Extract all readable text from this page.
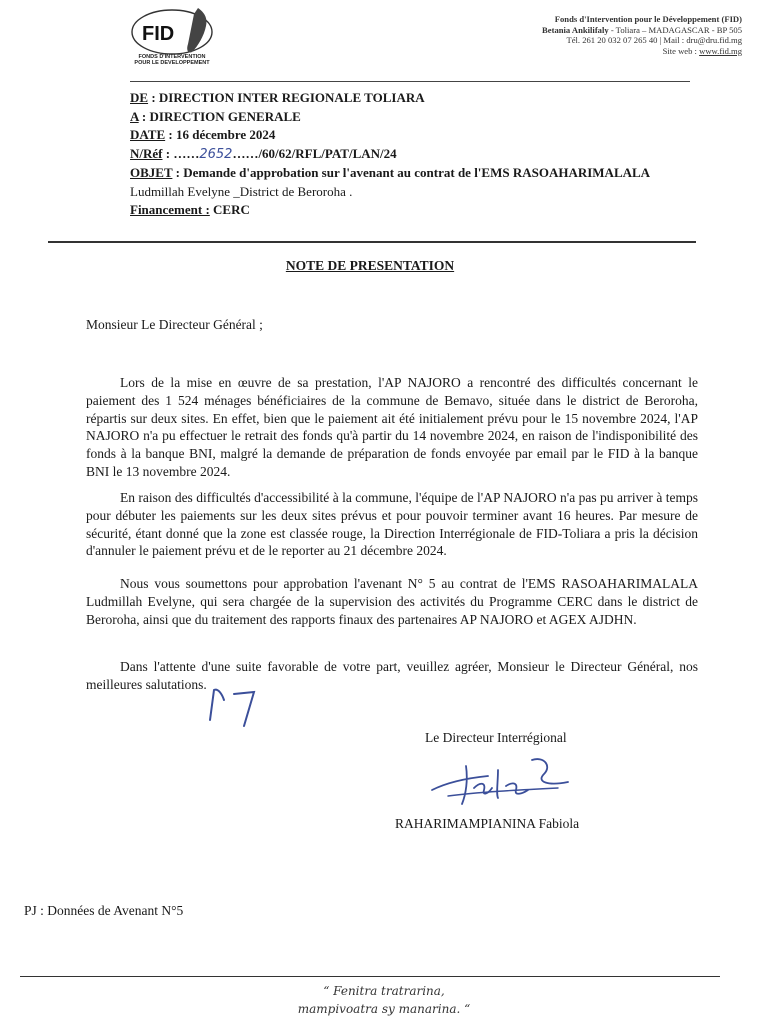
FID
FONDS D'INTERVENTION
POUR LE DEVELOPPEMENT
Fonds d'Intervention pour le Développement (FID)
Betania Ankilifaly - Toliara – MADAGASCAR - BP 505
Tél. 261 20 032 07 265 40 | Mail : dru@dru.fid.mg
Site web : www.fid.mg
DE : DIRECTION INTER REGIONALE TOLIARA
A : DIRECTION GENERALE
DATE : 16 décembre 2024
N/Réf : ……2652……/60/62/RFL/PAT/LAN/24
OBJET : Demande d'approbation sur l'avenant au contrat de l'EMS RASOAHARIMALALA
Ludmillah Evelyne _District de Beroroha .
Financement : CERC
NOTE DE PRESENTATION
Monsieur Le Directeur Général ;
Lors de la mise en œuvre de sa prestation, l'AP NAJORO a rencontré des difficultés concernant le paiement des 1 524 ménages bénéficiaires de la commune de Bemavo, située dans le district de Beroroha, répartis sur deux sites. En effet, bien que le paiement ait été initialement prévu pour le 15 novembre 2024, l'AP NAJORO n'a pu effectuer le retrait des fonds qu'à partir du 14 novembre 2024, en raison de l'indisponibilité des fonds à la banque BNI, malgré la demande de préparation de fonds envoyée par email par le FID à la banque BNI le 13 novembre 2024.
En raison des difficultés d'accessibilité à la commune, l'équipe de l'AP NAJORO n'a pas pu arriver à temps pour débuter les paiements sur les deux sites prévus et pour pouvoir terminer avant 16 heures. Par mesure de sécurité, étant donné que la zone est classée rouge, la Direction Interrégionale de FID-Toliara a pris la décision d'annuler le paiement prévu et de le reporter au 21 décembre 2024.
Nous vous soumettons pour approbation l'avenant N° 5 au contrat de l'EMS RASOAHARIMALALA Ludmillah Evelyne, qui sera chargée de la supervision des activités du Programme CERC dans le district de Beroroha, ainsi que du traitement des rapports finaux des partenaires AP NAJORO et AGEX AJDHN.
Dans l'attente d'une suite favorable de votre part, veuillez agréer, Monsieur le Directeur Général, nos meilleures salutations.
Le Directeur Interrégional
RAHARIMAMPIANINA Fabiola
PJ : Données de Avenant N°5
“ Fenitra tratrarina,
mampivoatra sy manarina. “
